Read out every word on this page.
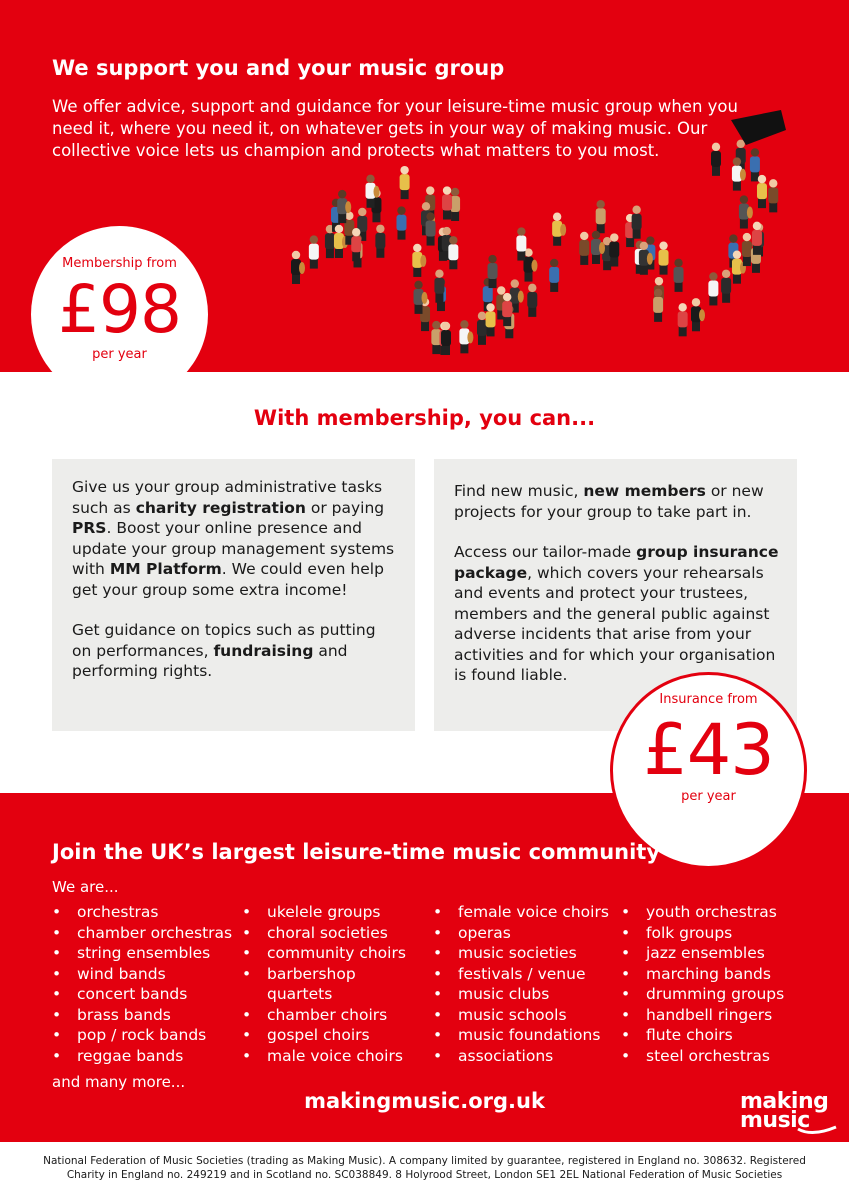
We support you and your music group

We offer advice, support and guidance for your leisure-time music group when you need it, where you need it, on whatever gets in your way of making music. Our collective voice lets us champion and protects what matters to you most.

Membership from
£98
per year
With membership, you can...

Give us your group administrative tasks such as charity registration or paying PRS. Boost your online presence and update your group management systems with MM Platform. We could even help get your group some extra income!

Get guidance on topics such as putting on performances, fundraising and performing rights.

Find new music, new members or new projects for your group to take part in.

Access our tailor-made group insurance package, which covers your rehearsals and events and protect your trustees, members and the general public against adverse incidents that arise from your activities and for which your organisation is found liable.

Insurance from
£43
per year
Join the UK’s largest leisure-time music community
We are...
• orchestras
• chamber orchestras
• string ensembles
• wind bands
• concert bands
• brass bands
• pop / rock bands
• reggae bands
• ukelele groups
• choral societies
• community choirs
• barbershop
quartets
• chamber choirs
• gospel choirs
• male voice choirs
• female voice choirs
• operas
• music societies
• festivals / venue
• music clubs
• music schools
• music foundations
• associations
• youth orchestras
• folk groups
• jazz ensembles
• marching bands
• drumming groups
• handbell ringers
• flute choirs
• steel orchestras
and many more...
makingmusic.org.uk	making
music
National Federation of Music Societies (trading as Making Music). A company limited by guarantee, registered in England no. 308632. Registered
Charity in England no. 249219 and in Scotland no. SC038849. 8 Holyrood Street, London SE1 2EL National Federation of Music Societies
